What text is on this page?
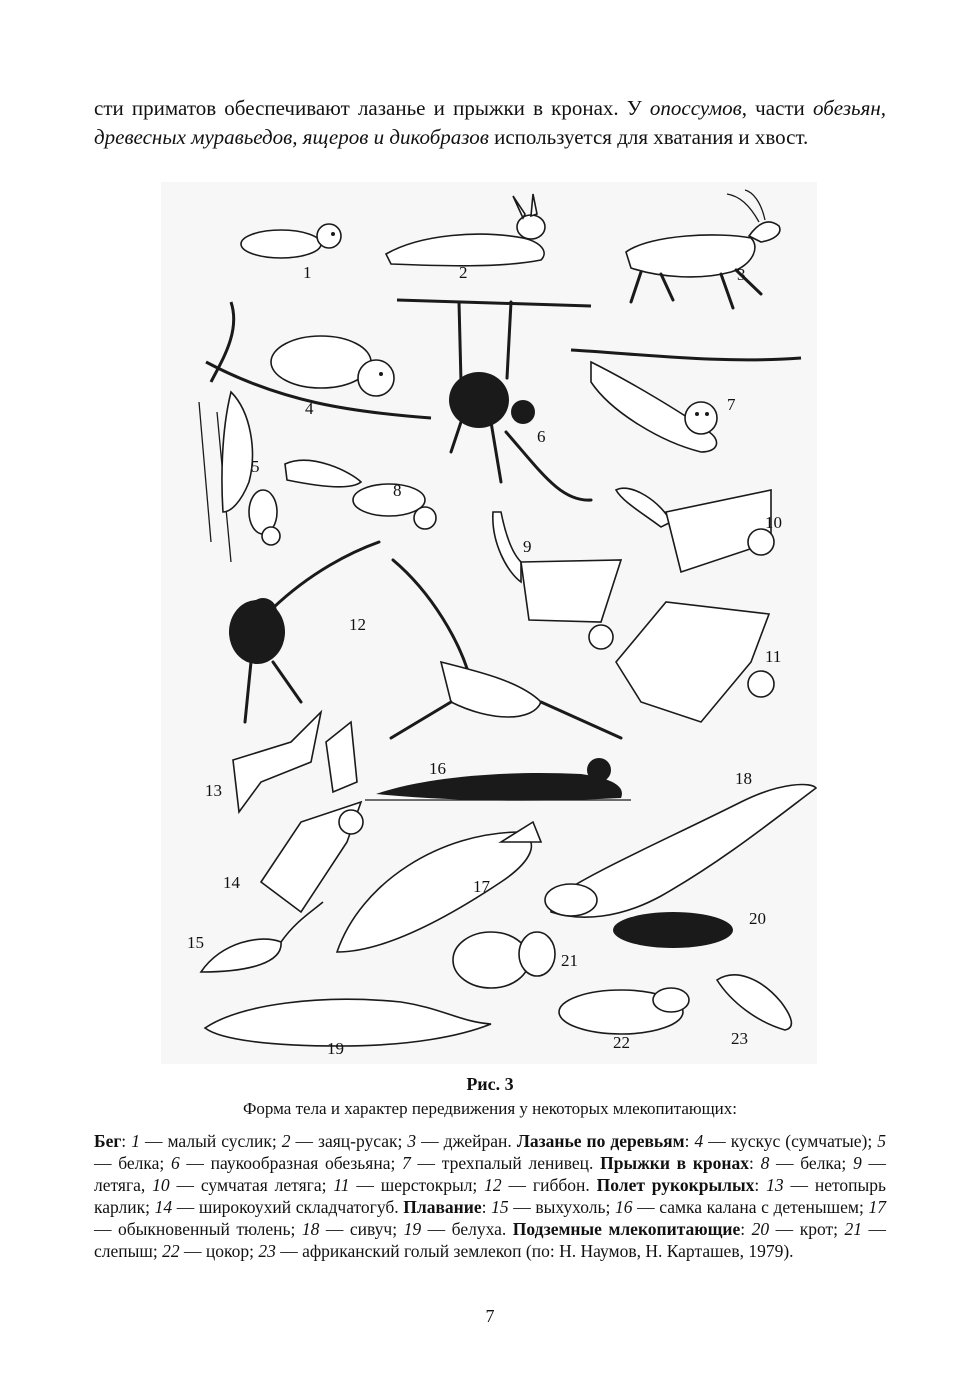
сти приматов обеспечивают лазанье и прыжки в кронах. У опоссумов, части обезьян, древесных муравьедов, ящеров и дикобразов используется для хватания и хвост.

1	2	3
4
5
6
7
8
9
10
11
12
13
14
15
16
17
18
19
20
21
22	23

Рис. 3

Форма тела и характер передвижения у некоторых млекопитающих:

Бег: 1 — малый суслик; 2 — заяц-русак; 3 — джейран. Лазанье по деревьям: 4 — кускус (сумчатые); 5 — белка; 6 — паукообразная обезьяна; 7 — трехпалый ленивец. Прыжки в кронах: 8 — белка; 9 — летяга, 10 — сумчатая летяга; 11 — шерстокрыл; 12 — гиббон. Полет рукокрылых: 13 — нетопырь карлик; 14 — широкоухий складчатогуб. Плавание: 15 — выхухоль; 16 — самка калана с детенышем; 17 — обыкновенный тюлень; 18 — сивуч; 19 — белуха. Подземные млекопитающие: 20 — крот; 21 — слепыш; 22 — цокор; 23 — африканский голый землекоп (по: Н. Наумов, Н. Карташев, 1979).

7
